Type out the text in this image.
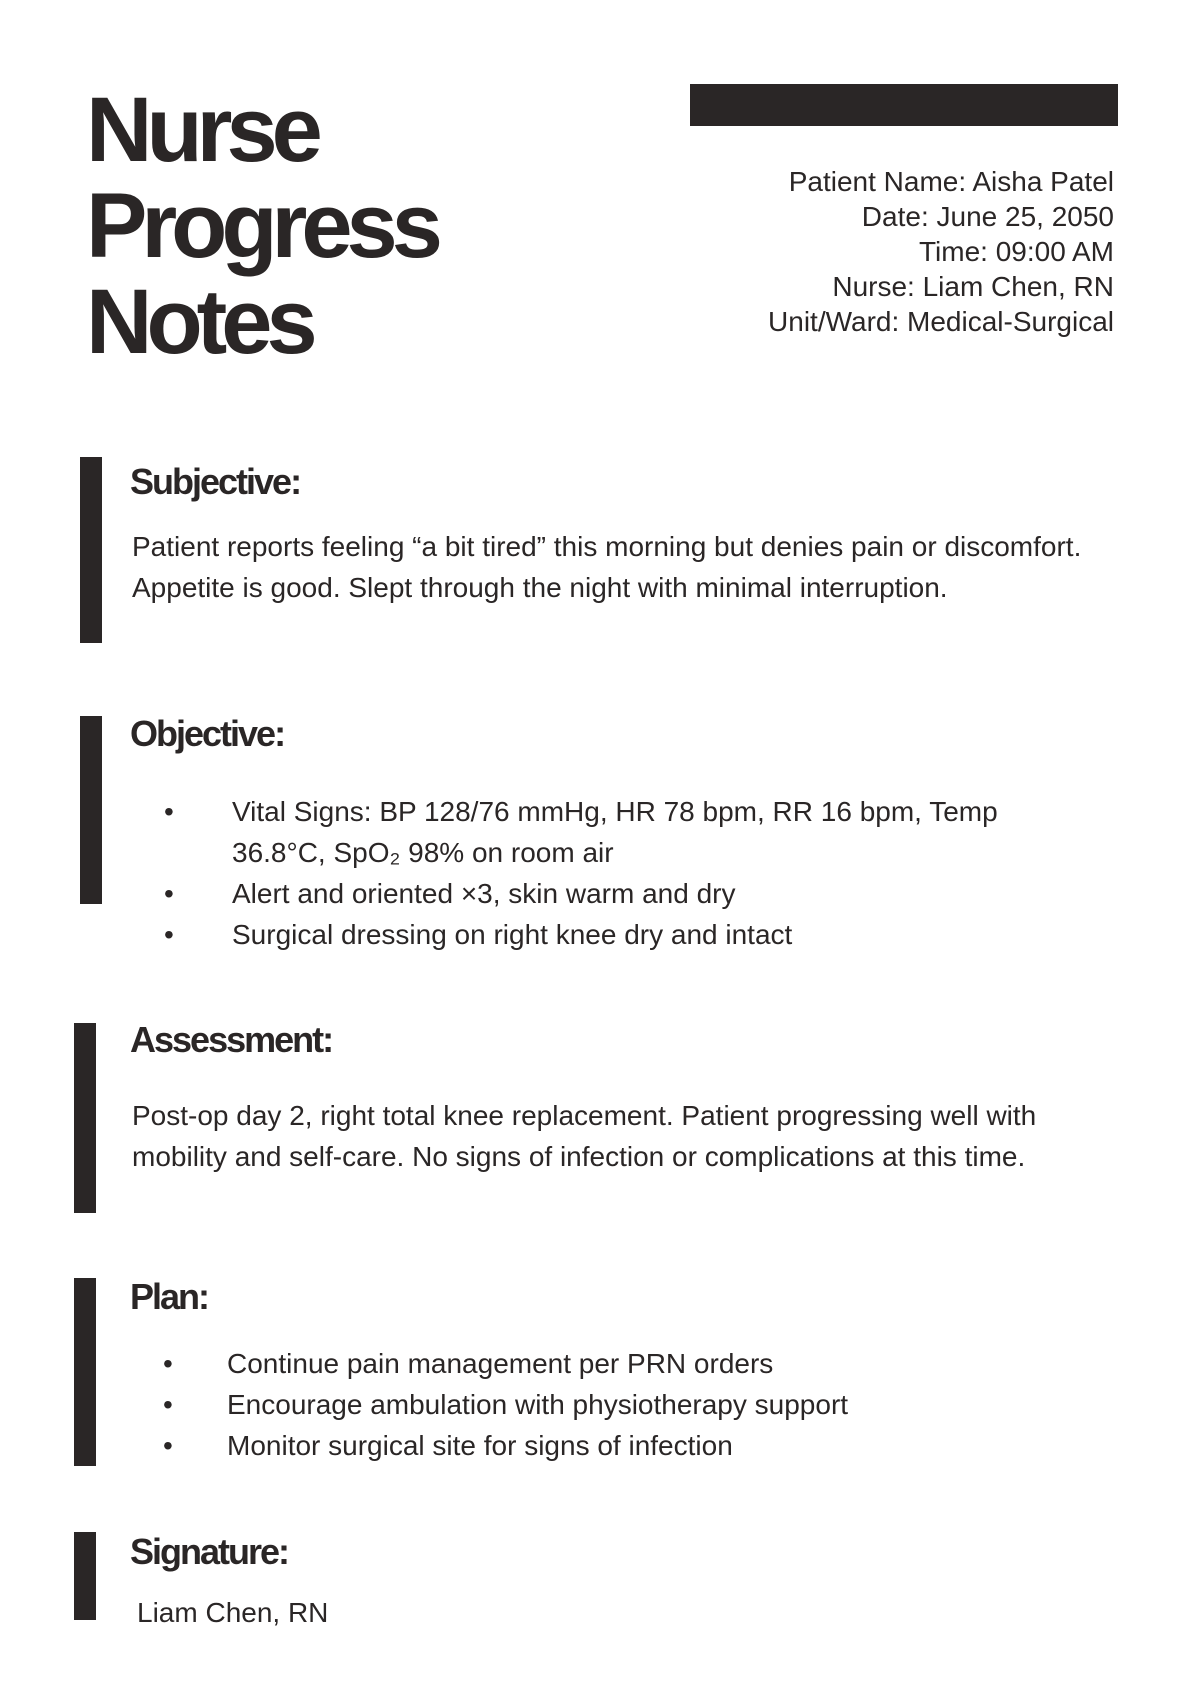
Nurse
Progress
Notes
Patient Name: Aisha Patel
Date: June 25, 2050
Time: 09:00 AM
Nurse: Liam Chen, RN
Unit/Ward: Medical-Surgical
Subjective:

Patient reports feeling “a bit tired” this morning but denies pain or discomfort. Appetite is good. Slept through the night with minimal interruption.

Objective:
• Vital Signs: BP 128/76 mmHg, HR 78 bpm, RR 16 bpm, Temp 36.8°C, SpO₂ 98% on room air
• Alert and oriented ×3, skin warm and dry
• Surgical dressing on right knee dry and intact
Assessment:

Post-op day 2, right total knee replacement. Patient progressing well with mobility and self-care. No signs of infection or complications at this time.

Plan:
• Continue pain management per PRN orders
• Encourage ambulation with physiotherapy support
• Monitor surgical site for signs of infection
Signature:

Liam Chen, RN
